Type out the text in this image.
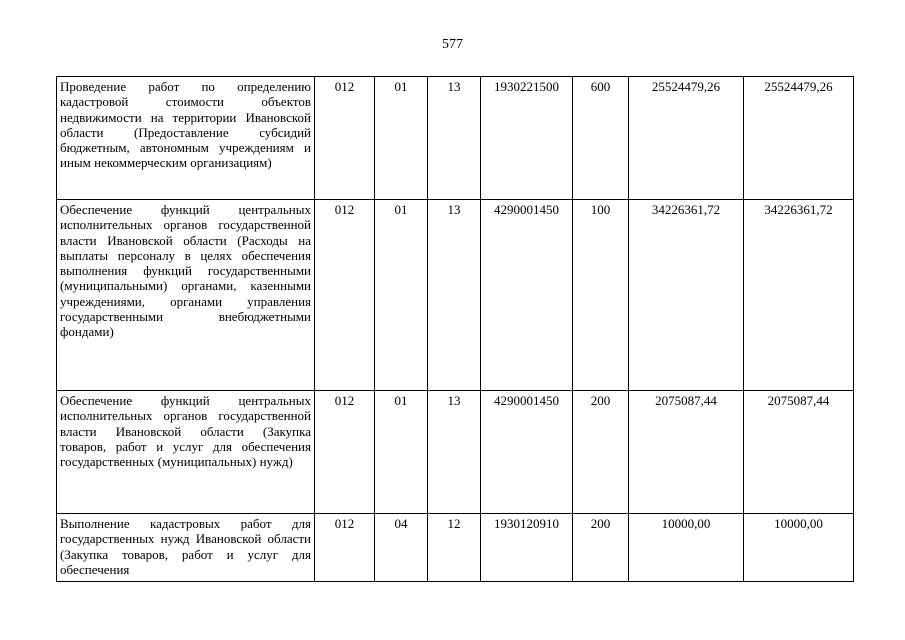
577
Проведение работ по определению кадастровой стоимости объектов недвижимости на территории Ивановской области (Предоставление субсидий бюджетным, автономным учреждениям и иным некоммерческим организациям)	012	01	13	1930221500	600	25524479,26	25524479,26
Обеспечение функций центральных исполнительных органов государственной власти Ивановской области (Расходы на выплаты персоналу в целях обеспечения выполнения функций государственными (муниципальными) органами, казенными учреждениями, органами управления государственными внебюджетными фондами)	012	01	13	4290001450	100	34226361,72	34226361,72
Обеспечение функций центральных исполнительных органов государственной власти Ивановской области (Закупка товаров, работ и услуг для обеспечения государственных (муниципальных) нужд)	012	01	13	4290001450	200	2075087,44	2075087,44
Выполнение кадастровых работ для государственных нужд Ивановской области (Закупка товаров, работ и услуг для обеспечения	012	04	12	1930120910	200	10000,00	10000,00
